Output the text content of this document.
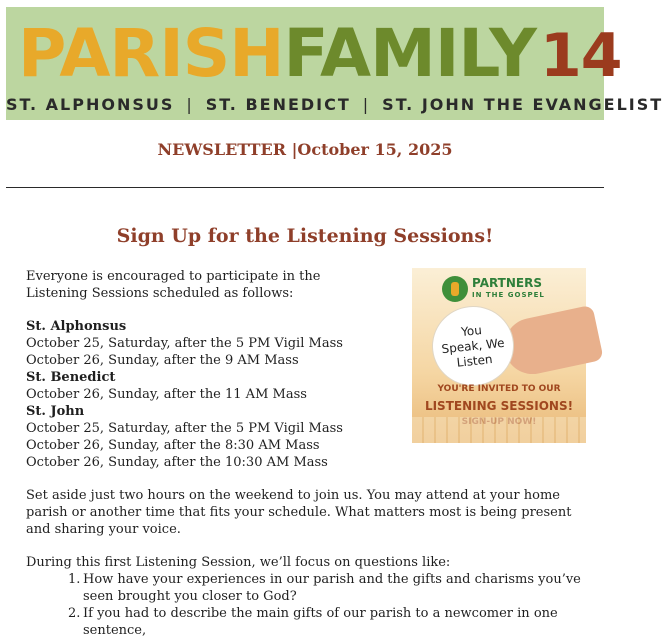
PARISHFAMILY14
ST. ALPHONSUS | ST. BENEDICT | ST. JOHN THE EVANGELIST
NEWSLETTER |October 15, 2025
Sign Up for the Listening Sessions!
PARTNERS
IN THE GOSPEL
You
Speak, We
Listen
YOU'RE INVITED TO OUR
LISTENING SESSIONS!

Everyone is encouraged to participate in the Listening Sessions scheduled as follows:

St. Alphonsus
October 25, Saturday, after the 5 PM Vigil Mass
October 26, Sunday, after the 9 AM Mass
St. Benedict
October 26, Sunday, after the 11 AM Mass
St. John
October 25, Saturday, after the 5 PM Vigil Mass
October 26, Sunday, after the 8:30 AM Mass
October 26, Sunday, after the 10:30 AM Mass

Set aside just two hours on the weekend to join us. You may attend at your home parish or another time that fits your schedule. What matters most is being present and sharing your voice.

During this first Listening Session, we’ll focus on questions like:

1. How have your experiences in our parish and the gifts and charisms you’ve seen brought you closer to God?
2. If you had to describe the main gifts of our parish to a newcomer in one sentence,
